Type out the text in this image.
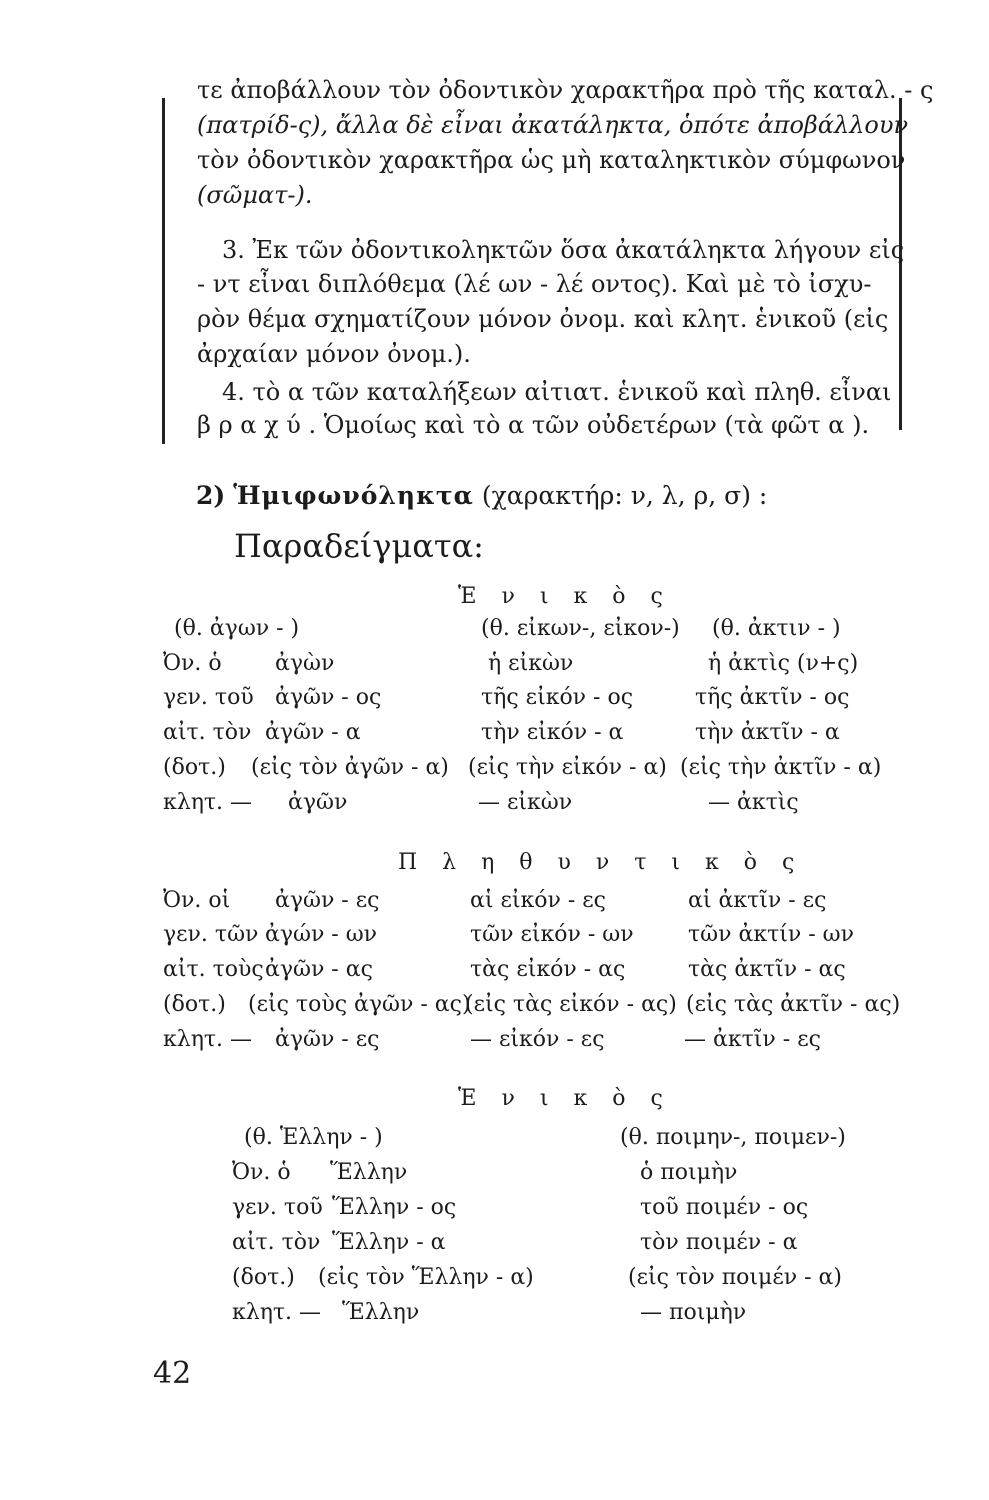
τε ἀποβάλλουν τὸν ὀδοντικὸν χαρακτῆρα πρὸ τῆς καταλ. - ς
(πατρίδ-ς), ἄλλα δὲ εἶναι ἀκατάληκτα, ὁπότε ἀποβάλλουν
τὸν ὀδοντικὸν χαρακτῆρα ὡς μὴ καταληκτικὸν σύμφωνον
(σῶματ-).
3. Ἐκ τῶν ὀδοντικοληκτῶν ὅσα ἀκατάληκτα λήγουν εἰς
- ντ εἶναι διπλόθεμα (λέ ων - λέ οντος). Καὶ μὲ τὸ ἰσχυ-
ρὸν θέμα σχηματίζουν μόνον ὀνομ. καὶ κλητ. ἑνικοῦ (εἰς
ἀρχαίαν μόνον ὀνομ.).
4. τὸ α τῶν καταλήξεων αἰτιατ. ἑνικοῦ καὶ πληθ. εἶναι
β ρ α χ ύ . Ὁμοίως καὶ τὸ α τῶν οὐδετέρων (τὰ φῶτ α ).
2) Ἡμιφωνόληκτα (χαρακτήρ: ν, λ, ρ, σ) :
Παραδείγματα:
Ἑ ν ι κ ὸ ς
Ὀν. ὁ
γεν. τοῦ
αἰτ. τὸν
(δοτ.)
κλητ. —
(θ. ἀγων - )
ἀγὼν
ἀγῶν - ος
ἀγῶν - α
(εἰς τὸν ἀγῶν - α)
ἀγῶν
(θ. εἰκων-, εἰκον-)
ἡ εἰκὼν
τῆς εἰκόν - ος
τὴν εἰκόν - α
(εἰς τὴν εἰκόν - α)
— εἰκὼν
(θ. ἀκτιν - )
ἡ ἀκτὶς (ν+ς)
τῆς ἀκτῖν - ος
τὴν ἀκτῖν - α
(εἰς τὴν ἀκτῖν - α)
— ἀκτὶς
Π λ η θ υ ν τ ι κ ὸ ς
Ὀν. οἱ
γεν. τῶν
αἰτ. τοὺς
(δοτ.)
κλητ. —
ἀγῶν - ες
ἀγών - ων
ἀγῶν - ας
(εἰς τοὺς ἀγῶν - ας)
ἀγῶν - ες
αἱ εἰκόν - ες
τῶν εἰκόν - ων
τὰς εἰκόν - ας
(εἰς τὰς εἰκόν - ας)
— εἰκόν - ες
αἱ ἀκτῖν - ες
τῶν ἀκτίν - ων
τὰς ἀκτῖν - ας
(εἰς τὰς ἀκτῖν - ας)
— ἀκτῖν - ες
Ἑ ν ι κ ὸ ς
Ὀν. ὁ
γεν. τοῦ
αἰτ. τὸν
(δοτ.)
κλητ. —
(θ. Ἑλλην - )
Ἕλλην
Ἕλλην - ος
Ἕλλην - α
(εἰς τὸν Ἕλλην - α)
Ἕλλην
(θ. ποιμην-, ποιμεν-)
ὁ ποιμὴν
τοῦ ποιμέν - ος
τὸν ποιμέν - α
(εἰς τὸν ποιμέν - α)
— ποιμὴν
42
